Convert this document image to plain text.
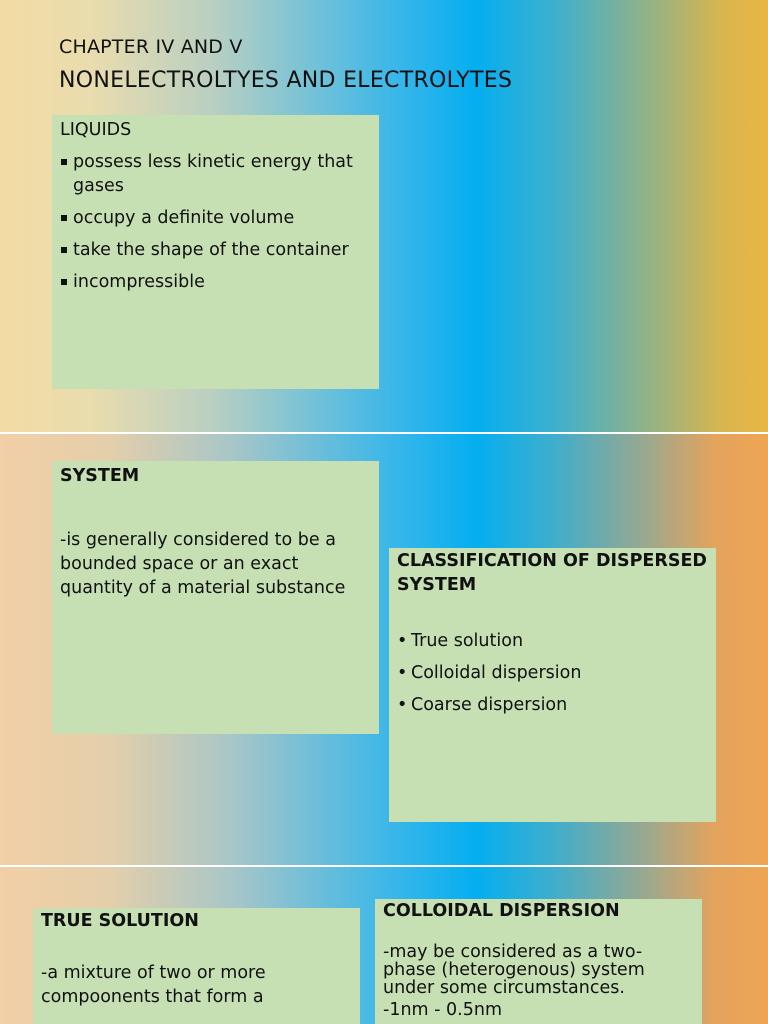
CHAPTER IV AND V
NONELECTROLTYES AND ELECTROLYTES

LIQUIDS

possess less kinetic energy that gases
occupy a definite volume
take the shape of the container
incompressible

SYSTEM

-is generally considered to be a bounded space or an exact quantity of a material substance

CLASSIFICATION OF DISPERSED SYSTEM

• True solution
• Colloidal dispersion
• Coarse dispersion

TRUE SOLUTION

-a mixture of two or more compoonents that form a

COLLOIDAL DISPERSION

-may be considered as a two-phase (heterogenous) system under some circumstances.

-1nm - 0.5nm
